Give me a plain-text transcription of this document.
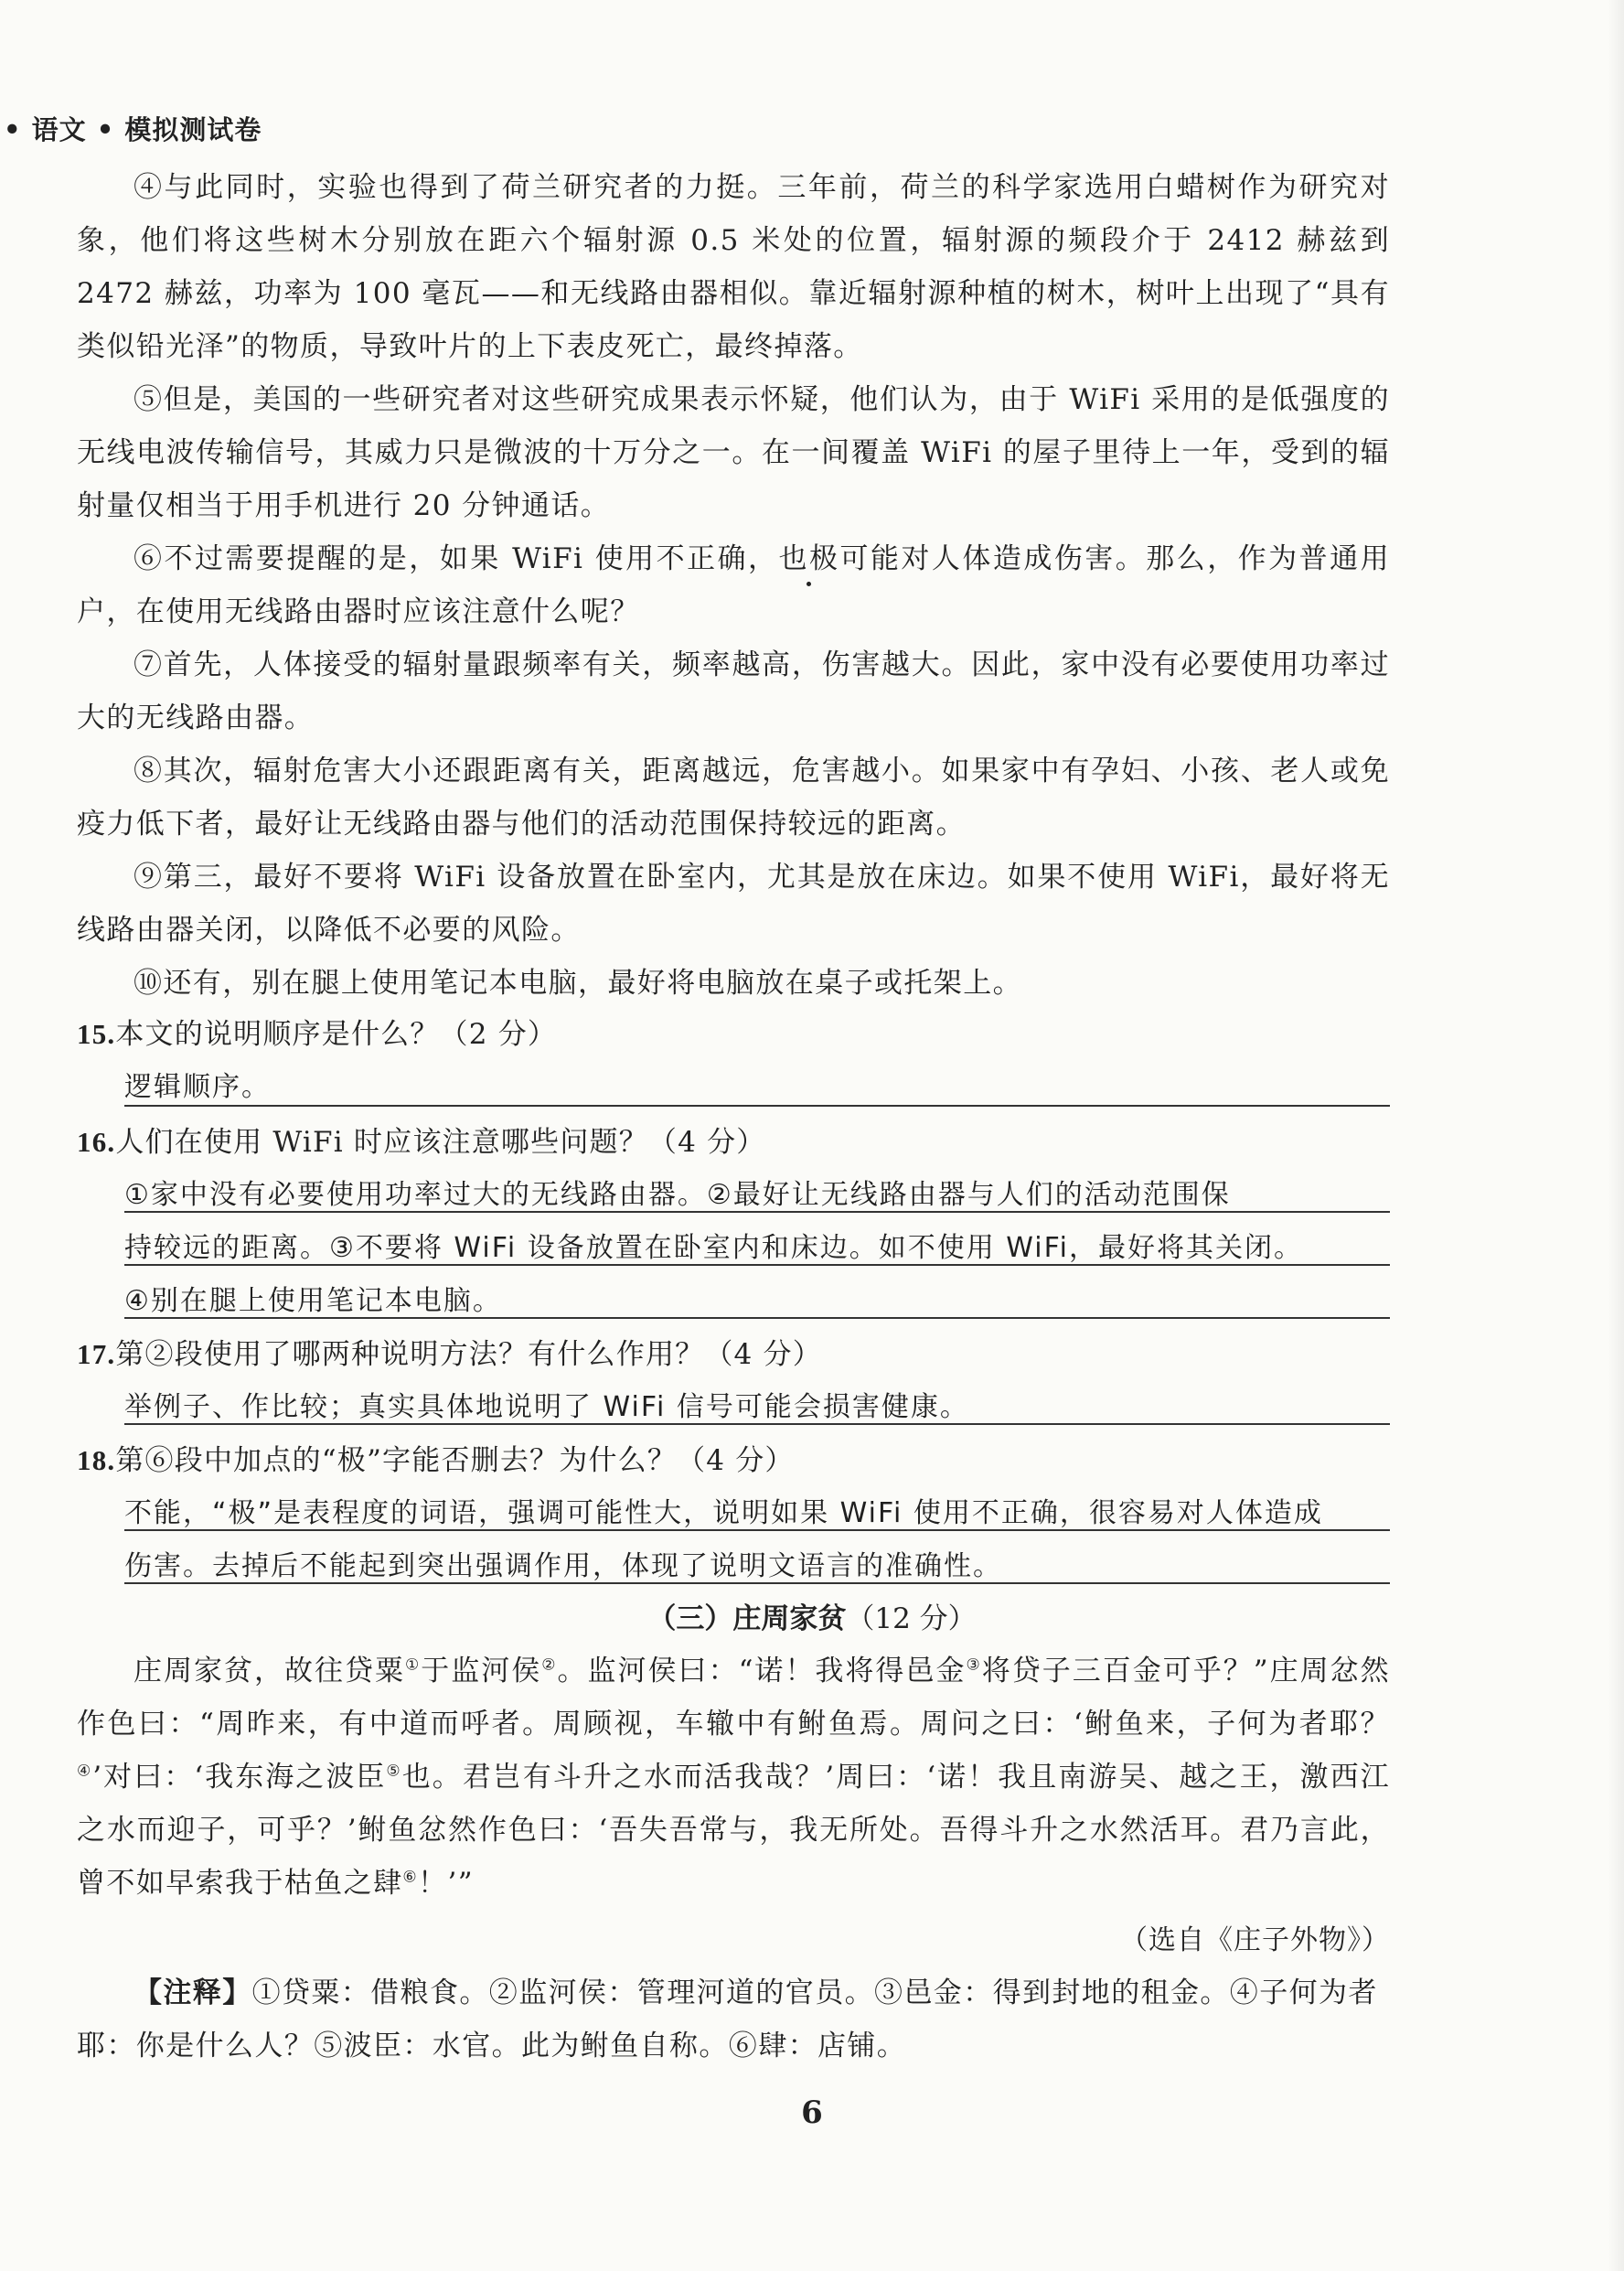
• 语文 • 模拟测试卷

④与此同时，实验也得到了荷兰研究者的力挺。三年前，荷兰的科学家选用白蜡树作为研究对象，他们将这些树木分别放在距六个辐射源 0.5 米处的位置，辐射源的频段介于 2412 赫兹到 2472 赫兹，功率为 100 毫瓦——和无线路由器相似。靠近辐射源种植的树木，树叶上出现了“具有类似铅光泽”的物质，导致叶片的上下表皮死亡，最终掉落。

⑤但是，美国的一些研究者对这些研究成果表示怀疑，他们认为，由于 WiFi 采用的是低强度的无线电波传输信号，其威力只是微波的十万分之一。在一间覆盖 WiFi 的屋子里待上一年，受到的辐射量仅相当于用手机进行 20 分钟通话。

⑥不过需要提醒的是，如果 WiFi 使用不正确，也极可能对人体造成伤害。那么，作为普通用户，在使用无线路由器时应该注意什么呢？

⑦首先，人体接受的辐射量跟频率有关，频率越高，伤害越大。因此，家中没有必要使用功率过大的无线路由器。

⑧其次，辐射危害大小还跟距离有关，距离越远，危害越小。如果家中有孕妇、小孩、老人或免疫力低下者，最好让无线路由器与他们的活动范围保持较远的距离。

⑨第三，最好不要将 WiFi 设备放置在卧室内，尤其是放在床边。如果不使用 WiFi，最好将无线路由器关闭，以降低不必要的风险。

⑩还有，别在腿上使用笔记本电脑，最好将电脑放在桌子或托架上。

15.本文的说明顺序是什么？（2 分）
逻辑顺序。
16.人们在使用 WiFi 时应该注意哪些问题？（4 分）
①家中没有必要使用功率过大的无线路由器。②最好让无线路由器与人们的活动范围保
持较远的距离。③不要将 WiFi 设备放置在卧室内和床边。如不使用 WiFi，最好将其关闭。
④别在腿上使用笔记本电脑。
17.第②段使用了哪两种说明方法？有什么作用？（4 分）
举例子、作比较；真实具体地说明了 WiFi 信号可能会损害健康。
18.第⑥段中加点的“极”字能否删去？为什么？（4 分）
不能，“极”是表程度的词语，强调可能性大，说明如果 WiFi 使用不正确，很容易对人体造成
伤害。去掉后不能起到突出强调作用，体现了说明文语言的准确性。
（三）庄周家贫（12 分）

庄周家贫，故往贷粟①于监河侯②。监河侯曰：“诺！我将得邑金③将贷子三百金可乎？”庄周忿然作色曰：“周昨来，有中道而呼者。周顾视，车辙中有鲋鱼焉。周问之曰：‘鲋鱼来，子何为者耶？④’对曰：‘我东海之波臣⑤也。君岂有斗升之水而活我哉？’周曰：‘诺！我且南游吴、越之王，激西江之水而迎子，可乎？’鲋鱼忿然作色曰：‘吾失吾常与，我无所处。吾得斗升之水然活耳。君乃言此，曾不如早索我于枯鱼之肆⑥！’”

（选自《庄子外物》）
【注释】①贷粟：借粮食。②监河侯：管理河道的官员。③邑金：得到封地的租金。④子何为者耶：你是什么人？⑤波臣：水官。此为鲋鱼自称。⑥肆：店铺。
6
